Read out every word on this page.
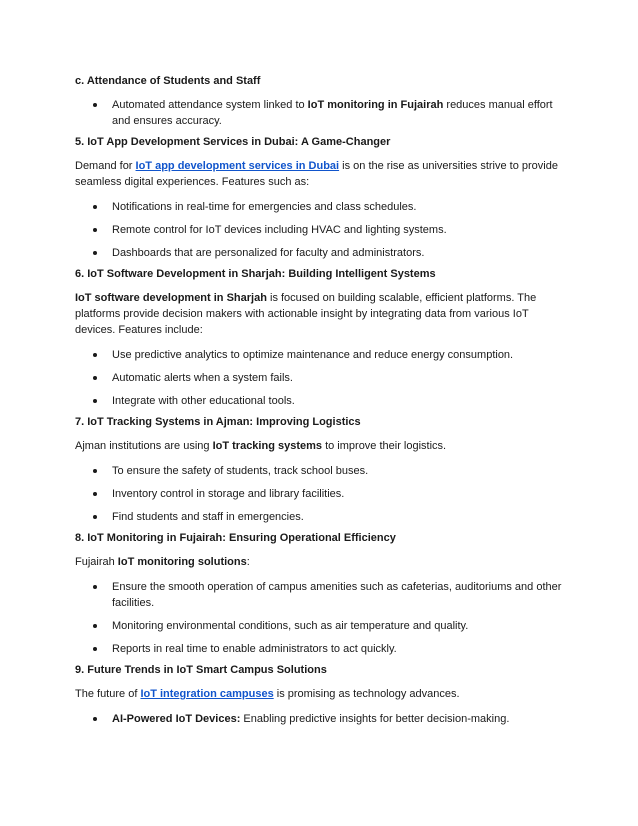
c. Attendance of Students and Staff

Automated attendance system linked to IoT monitoring in Fujairah reduces manual effort and ensures accuracy.

5. IoT App Development Services in Dubai: A Game-Changer

Demand for IoT app development services in Dubai is on the rise as universities strive to provide seamless digital experiences. Features such as:

Notifications in real-time for emergencies and class schedules.
Remote control for IoT devices including HVAC and lighting systems.
Dashboards that are personalized for faculty and administrators.

6. IoT Software Development in Sharjah: Building Intelligent Systems

IoT software development in Sharjah is focused on building scalable, efficient platforms. The platforms provide decision makers with actionable insight by integrating data from various IoT devices. Features include:

Use predictive analytics to optimize maintenance and reduce energy consumption.
Automatic alerts when a system fails.
Integrate with other educational tools.

7. IoT Tracking Systems in Ajman: Improving Logistics

Ajman institutions are using IoT tracking systems to improve their logistics.

To ensure the safety of students, track school buses.
Inventory control in storage and library facilities.
Find students and staff in emergencies.

8. IoT Monitoring in Fujairah: Ensuring Operational Efficiency

Fujairah IoT monitoring solutions:

Ensure the smooth operation of campus amenities such as cafeterias, auditoriums and other facilities.
Monitoring environmental conditions, such as air temperature and quality.
Reports in real time to enable administrators to act quickly.

9. Future Trends in IoT Smart Campus Solutions

The future of IoT integration campuses is promising as technology advances.

AI-Powered IoT Devices: Enabling predictive insights for better decision-making.
